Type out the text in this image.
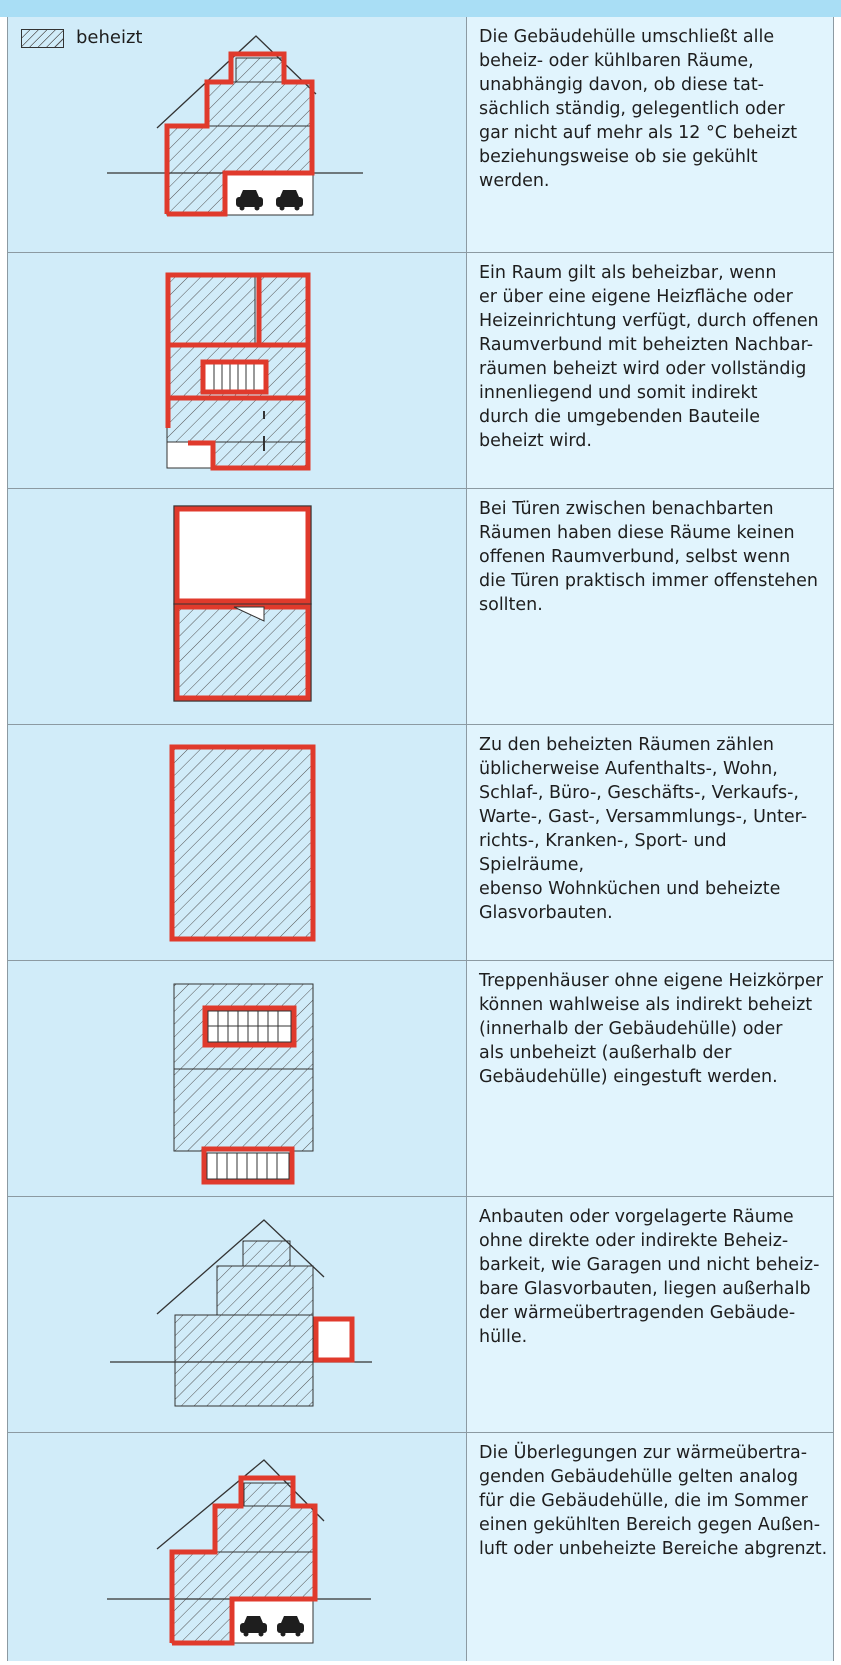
beheizt	Die Gebäudehülle umschließt alle
beheiz- oder kühlbaren Räume,
unabhängig davon, ob diese tat-
sächlich ständig, gelegentlich oder
gar nicht auf mehr als 12 °C beheizt
beziehungsweise ob sie gekühlt
werden.
Ein Raum gilt als beheizbar, wenn
er über eine eigene Heizfläche oder
Heizeinrichtung verfügt, durch offenen
Raumverbund mit beheizten Nachbar-
räumen beheizt wird oder vollständig
innenliegend und somit indirekt
durch die umgebenden Bauteile
beheizt wird.
Bei Türen zwischen benachbarten
Räumen haben diese Räume keinen
offenen Raumverbund, selbst wenn
die Türen praktisch immer offenstehen
sollten.
Zu den beheizten Räumen zählen
üblicherweise Aufenthalts-, Wohn,
Schlaf-, Büro-, Geschäfts-, Verkaufs-,
Warte-, Gast-, Versammlungs-, Unter-
richts-, Kranken-, Sport- und Spielräume,
ebenso Wohnküchen und beheizte
Glasvorbauten.
Treppenhäuser ohne eigene Heizkörper
können wahlweise als indirekt beheizt
(innerhalb der Gebäudehülle) oder
als unbeheizt (außerhalb der
Gebäudehülle) eingestuft werden.
Anbauten oder vorgelagerte Räume
ohne direkte oder indirekte Beheiz-
barkeit, wie Garagen und nicht beheiz-
bare Glasvorbauten, liegen außerhalb
der wärmeübertragenden Gebäude-
hülle.
Die Überlegungen zur wärmeübertra-
genden Gebäudehülle gelten analog
für die Gebäudehülle, die im Sommer
einen gekühlten Bereich gegen Außen-
luft oder unbeheizte Bereiche abgrenzt.
